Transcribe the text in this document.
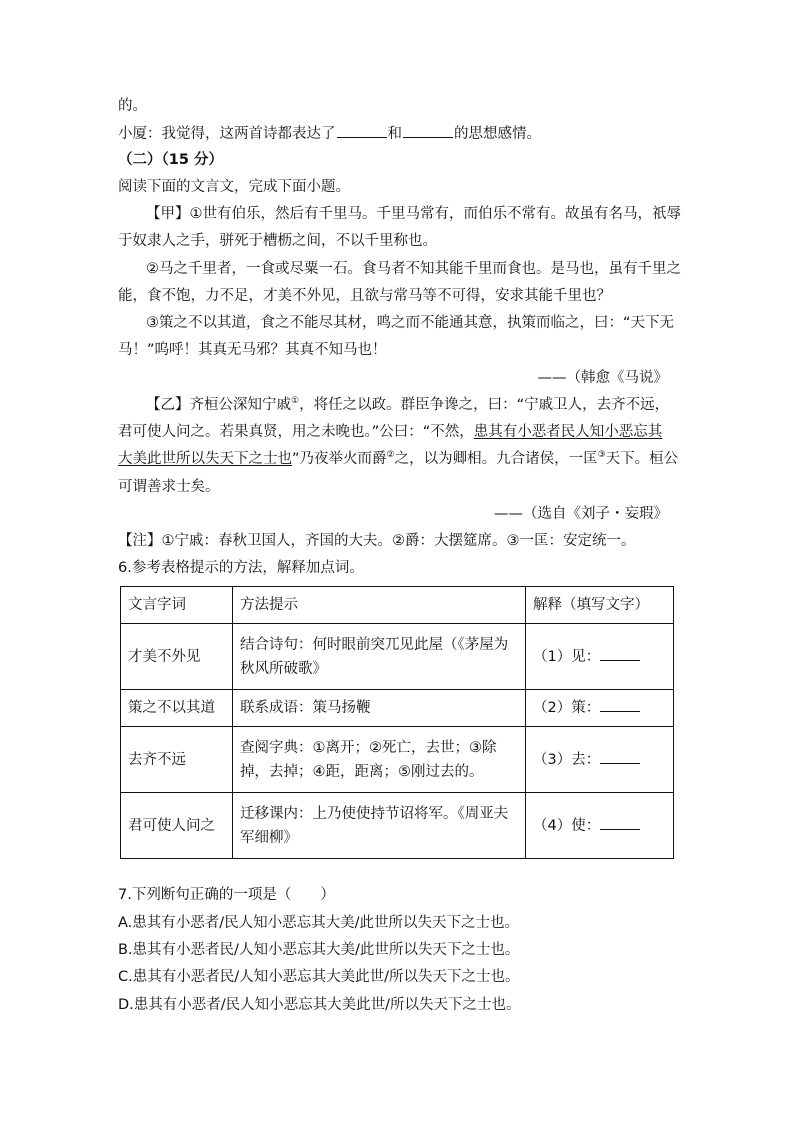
的。
小厦：我觉得，这两首诗都表达了	和	的思想感情。
（二）（15 分）
阅读下面的文言文，完成下面小题。
【甲】①世有伯乐，然后有千里马。千里马常有，而伯乐不常有。故虽有名马，祇辱
于奴隶人之手，骈死于槽枥之间，不以千里称也。
②马之千里者，一食或尽粟一石。食马者不知其能千里而食也。是马也，虽有千里之
能，食不饱，力不足，才美不外见，且欲与常马等不可得，安求其能千里也？
③策之不以其道，食之不能尽其材，鸣之而不能通其意，执策而临之，曰：“天下无
马！”呜呼！其真无马邪？其真不知马也！
——（韩愈《马说》
【乙】齐桓公深知宁戚①，将任之以政。群臣争谗之，曰：“宁戚卫人，去齐不远，
君可使人问之。若果真贤，用之未晚也。”公曰：“不然，患其有小恶者民人知小恶忘其
大美此世所以失天下之士也”乃夜举火而爵②之，以为卿相。九合诸侯，一匡③天下。桓公
可谓善求士矣。
——（选自《刘子・妄瑕》
【注】①宁戚：春秋卫国人，齐国的大夫。②爵：大摆筵席。③一匡：安定统一。
6.参考表格提示的方法，解释加点词。
文言字词	方法提示	解释（填写文字）
才美不外见	结合诗句：何时眼前突兀见此屋（《茅屋为秋风所破歌》	（1）见：
策之不以其道	联系成语：策马扬鞭	（2）策：
去齐不远	查阅字典：①离开；②死亡，去世；③除掉，去掉；④距，距离；⑤刚过去的。	（3）去：
君可使人问之	迁移课内：上乃使使持节诏将军。《周亚夫军细柳》	（4）使：
7.下列断句正确的一项是（　　）
A.患其有小恶者/民人知小恶忘其大美/此世所以失天下之士也。
B.患其有小恶者民/人知小恶忘其大美/此世所以失天下之士也。
C.患其有小恶者民/人知小恶忘其大美此世/所以失天下之士也。
D.患其有小恶者/民人知小恶忘其大美此世/所以失天下之士也。
